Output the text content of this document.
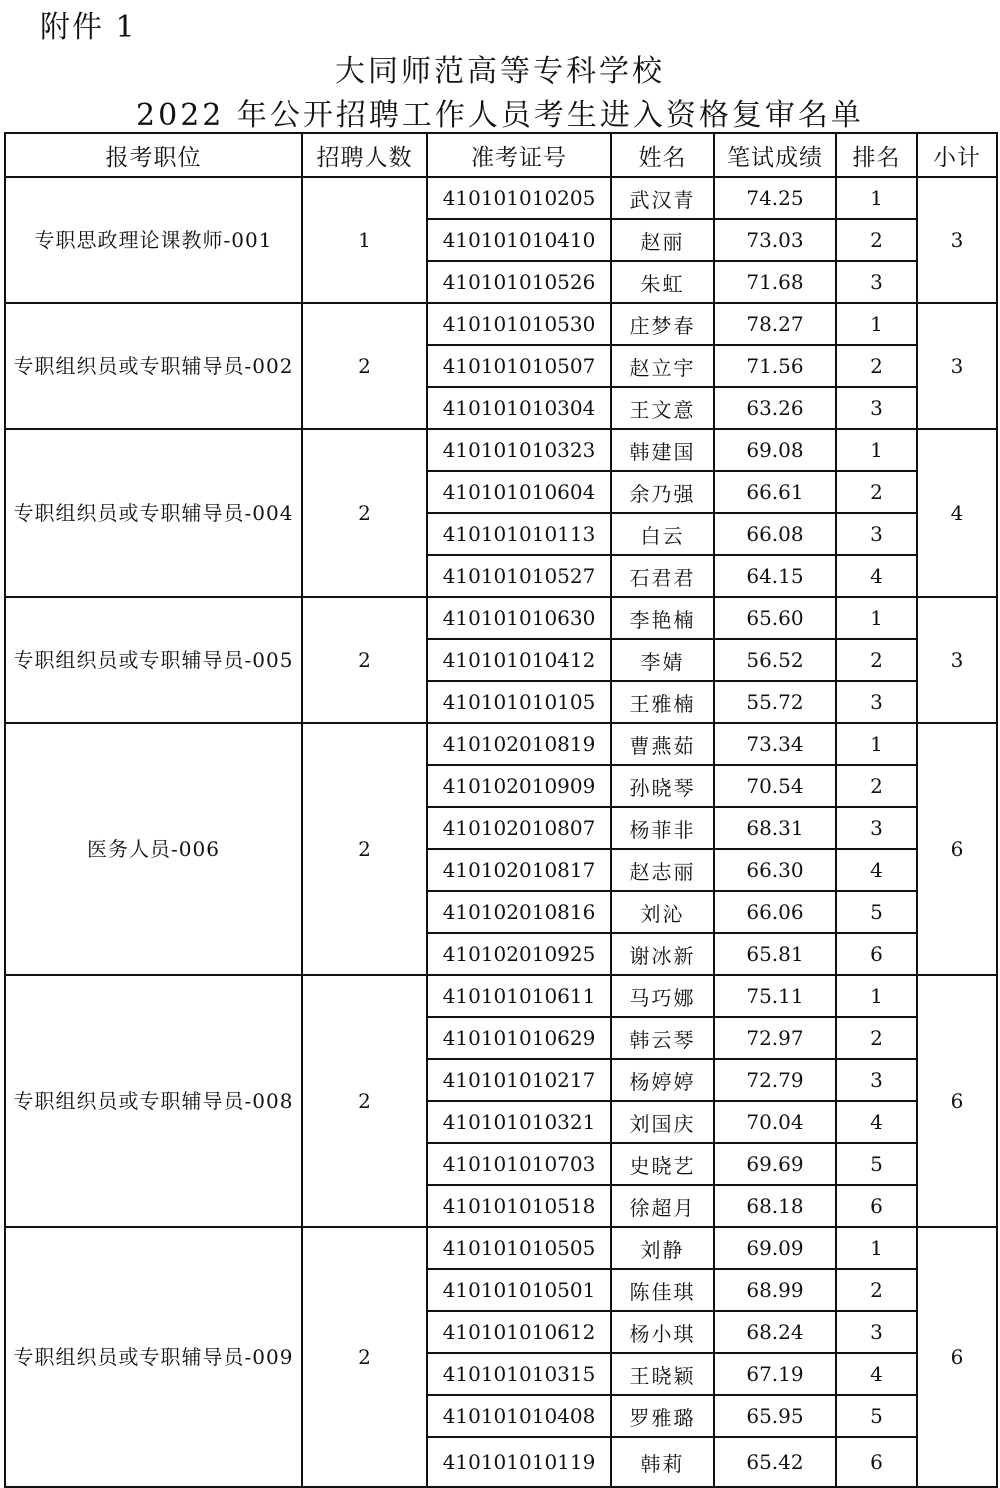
附件 1
大同师范高等专科学校
2022 年公开招聘工作人员考生进入资格复审名单
报考职位	招聘人数	准考证号	姓名	笔试成绩	排名	小计
专职思政理论课教师-001	1	410101010205	武汉青	74.25	1	3
		410101010410	赵丽	73.03	2	
		410101010526	朱虹	71.68	3	
专职组织员或专职辅导员-002	2	410101010530	庄梦春	78.27	1	3
		410101010507	赵立宇	71.56	2	
		410101010304	王文意	63.26	3	
专职组织员或专职辅导员-004	2	410101010323	韩建国	69.08	1	4
		410101010604	余乃强	66.61	2	
		410101010113	白云	66.08	3	
		410101010527	石君君	64.15	4	
专职组织员或专职辅导员-005	2	410101010630	李艳楠	65.60	1	3
		410101010412	李婧	56.52	2	
		410101010105	王雅楠	55.72	3	
医务人员-006	2	410102010819	曹燕茹	73.34	1	6
		410102010909	孙晓琴	70.54	2	
		410102010807	杨菲非	68.31	3	
		410102010817	赵志丽	66.30	4	
		410102010816	刘沁	66.06	5	
		410102010925	谢冰新	65.81	6	
专职组织员或专职辅导员-008	2	410101010611	马巧娜	75.11	1	6
		410101010629	韩云琴	72.97	2	
		410101010217	杨婷婷	72.79	3	
		410101010321	刘国庆	70.04	4	
		410101010703	史晓艺	69.69	5	
		410101010518	徐超月	68.18	6	
专职组织员或专职辅导员-009	2	410101010505	刘静	69.09	1	6
		410101010501	陈佳琪	68.99	2	
		410101010612	杨小琪	68.24	3	
		410101010315	王晓颖	67.19	4	
		410101010408	罗雅璐	65.95	5	
		410101010119	韩莉	65.42	6	
